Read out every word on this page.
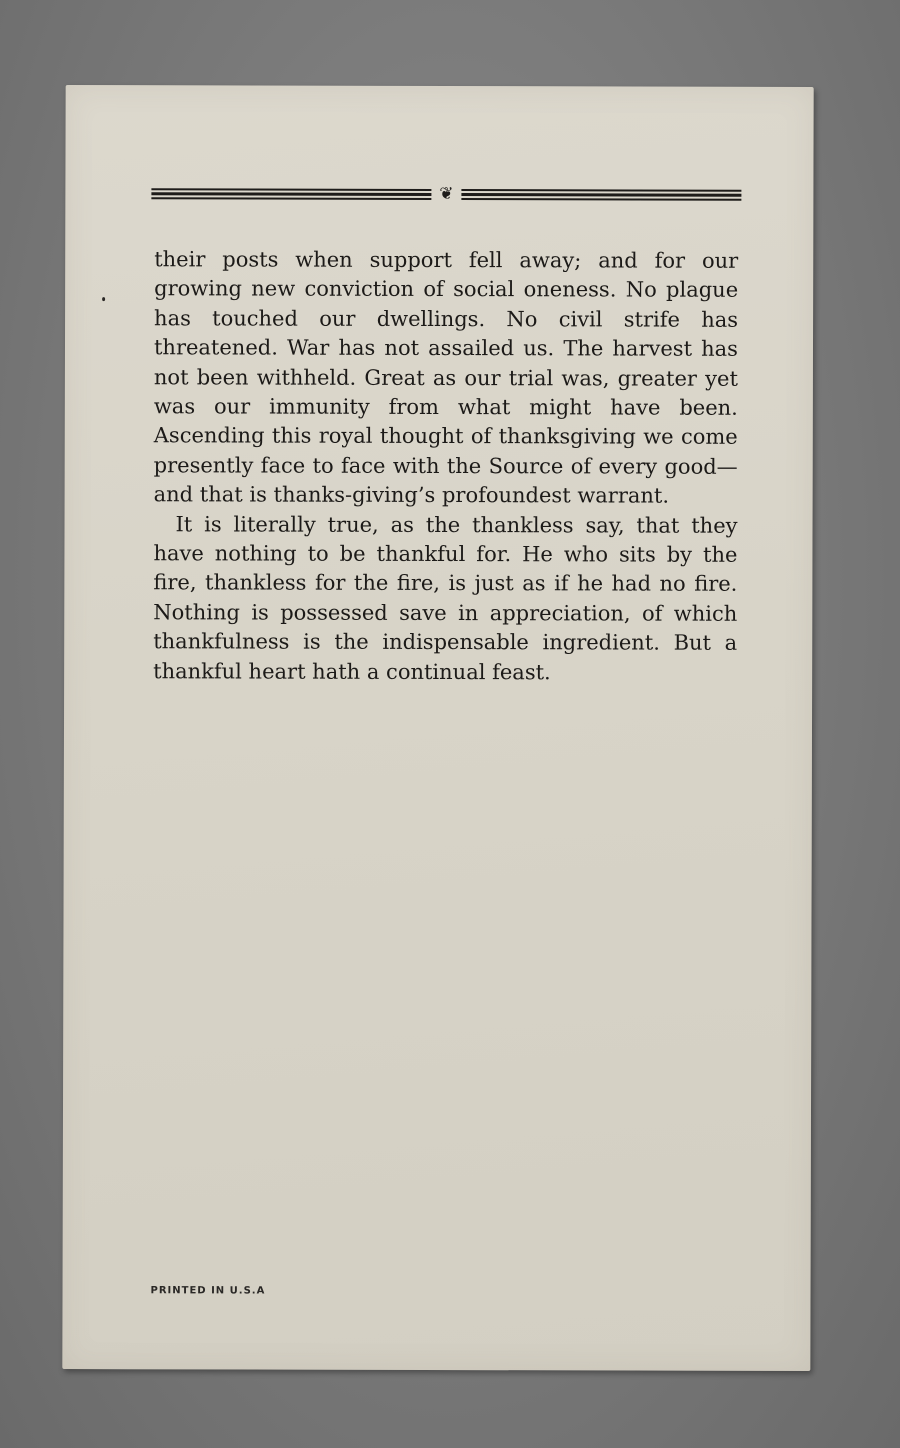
❦

their posts when support fell away; and for our growing new conviction of social oneness. No plague has touched our dwellings. No civil strife has threatened. War has not assailed us. The harvest has not been withheld. Great as our trial was, greater yet was our immunity from what might have been. Ascending this royal thought of thanksgiving we come presently face to face with the Source of every good—and that is thanks-giving’s profoundest warrant.

It is literally true, as the thankless say, that they have nothing to be thankful for. He who sits by the fire, thankless for the fire, is just as if he had no fire. Nothing is possessed save in appreciation, of which thankfulness is the indispensable ingredient. But a thankful heart hath a continual feast.

PRINTED IN U.S.A
